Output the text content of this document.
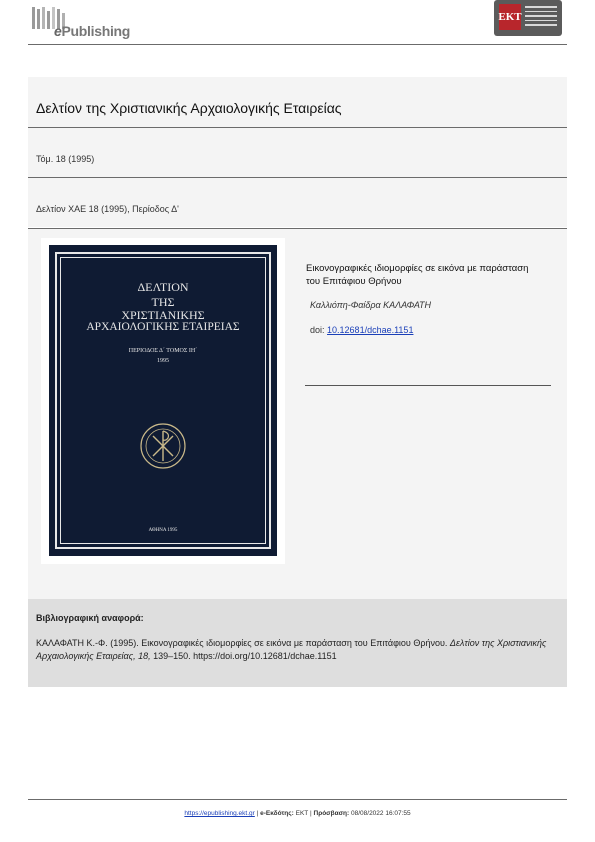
ePublishing
EKT
Δελτίον της Χριστιανικής Αρχαιολογικής Εταιρείας
Τόμ. 18 (1995)
Δελτίον ΧΑΕ 18 (1995), Περίοδος Δ'
ΔΕΛΤΙΟΝ
ΤΗΣ
ΧΡΙΣΤΙΑΝΙΚΗΣ
ΑΡΧΑΙΟΛΟΓΙΚΗΣ ΕΤΑΙΡΕΙΑΣ
ΠΕΡΙΟΔΟΣ Δ΄ ΤΟΜΟΣ ΙΗ΄
1995
ΑΘΗΝΑ 1995
Εικονογραφικές ιδιομορφίες σε εικόνα με παράσταση του Επιτάφιου Θρήνου
Καλλιόπη-Φαίδρα ΚΑΛΑΦΑΤΗ
doi: 10.12681/dchae.1151
Βιβλιογραφική αναφορά:
ΚΑΛΑΦΑΤΗ Κ.-Φ. (1995). Εικονογραφικές ιδιομορφίες σε εικόνα με παράσταση του Επιτάφιου Θρήνου. Δελτίον της Χριστιανικής Αρχαιολογικής Εταιρείας, 18, 139–150. https://doi.org/10.12681/dchae.1151
https://epublishing.ekt.gr | e-Εκδότης: EKT | Πρόσβαση: 08/08/2022 16:07:55
